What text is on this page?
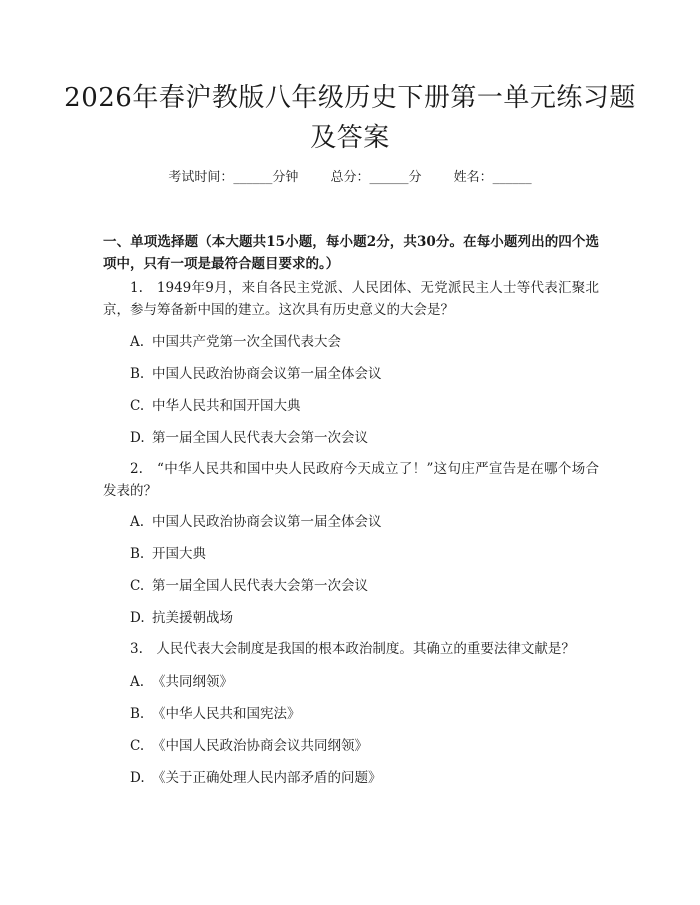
2026年春沪教版八年级历史下册第一单元练习题及答案
考试时间：______分钟 总分：______分 姓名：______
一、单项选择题（本大题共15小题，每小题2分，共30分。在每小题列出的四个选项中，只有一项是最符合题目要求的。）
1.　1949年9月，来自各民主党派、人民团体、无党派民主人士等代表汇聚北京，参与筹备新中国的建立。这次具有历史意义的大会是？
A. 中国共产党第一次全国代表大会
B. 中国人民政治协商会议第一届全体会议
C. 中华人民共和国开国大典
D. 第一届全国人民代表大会第一次会议
2.　“中华人民共和国中央人民政府今天成立了！”这句庄严宣告是在哪个场合发表的？
A. 中国人民政治协商会议第一届全体会议
B. 开国大典
C. 第一届全国人民代表大会第一次会议
D. 抗美援朝战场
3.　人民代表大会制度是我国的根本政治制度。其确立的重要法律文献是？
A. 《共同纲领》
B. 《中华人民共和国宪法》
C. 《中国人民政治协商会议共同纲领》
D. 《关于正确处理人民内部矛盾的问题》
